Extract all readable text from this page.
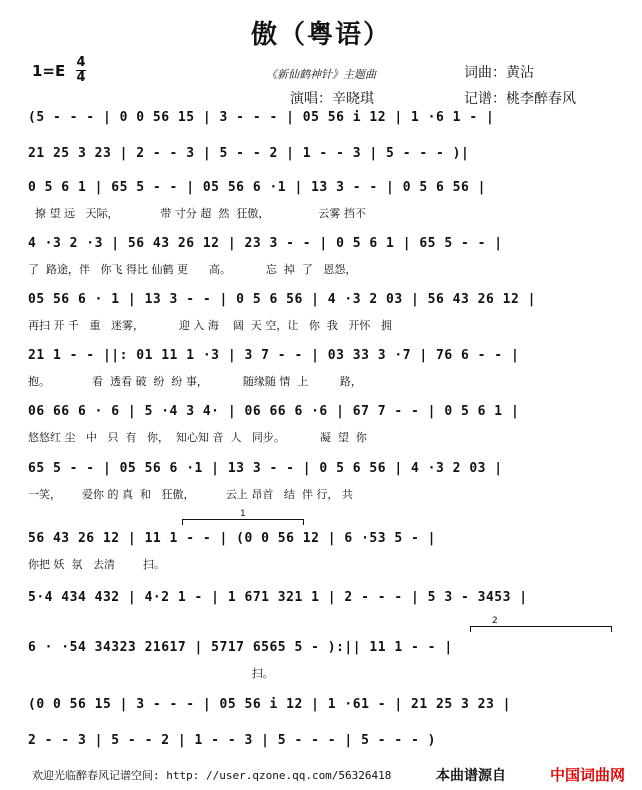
傲（粤语）
1=E 4
4	《新仙鹤神针》主题曲	词曲：黄沾
演唱：辛晓琪	记谱：桃李醉春风
(5 - - - | 0 0 56 15 | 3 - - - | 05 56 i 12 | 1 ·6 1 - |
21 25 3 23 | 2 - - 3 | 5 - - 2 | 1 - - 3 | 5 - - - )|
0 5 6 1 | 65 5 - - | 05 56 6 ·1 | 13 3 - - | 0 5 6 56 |
撩 望 远   天际，            带 寸分 超  然  狂傲，              云雾 挡不
4 ·3 2 ·3 | 56 43 26 12 | 23 3 - - | 0 5 6 1 | 65 5 - - |
了  路途，伴   你飞 得比 仙鹤 更      高。          忘  掉  了   恩怨，
05 56 6 · 1 | 13 3 - - | 0 5 6 56 | 4 ·3 2 03 | 56 43 26 12 |
再扫 开 千   重   迷雾，          迎 入 海    阔  天 空，让   你  我   开怀   拥
21 1 - - ||: 01 11 1 ·3 | 3 7 - - | 03 33 3 ·7 | 76 6 - - |
抱。            看  透看 破  纷  纷 事，          随缘随 情  上         路，
06 66 6 · 6 | 5 ·4 3 4· | 06 66 6 ·6 | 67 7 - - | 0 5 6 1 |
悠悠红 尘   中   只  有   你，  知心知 音  人   同步。          凝  望  你
65 5 - - | 05 56 6 ·1 | 13 3 - - | 0 5 6 56 | 4 ·3 2 03 |
一笑，      爱你 的 真  和   狂傲，         云上 昂首   结  伴 行， 共
56 43 26 12 | 11 1 - - | (0 0 56 12 | 6 ·53 5 - |
你把 妖  氛   去清        扫。
5·4 434 432 | 4·2 1 - | 1 671 321 1 | 2 - - - | 5 3 - 3453 |
6 · ·54 34323 21617 | 5717 6565 5 - ):|| 11 1 - - |
扫。
(0 0 56 15 | 3 - - - | 05 56 i 12 | 1 ·61 - | 21 25 3 23 |
2 - - 3 | 5 - - 2 | 1 - - 3 | 5 - - - | 5 - - - )
1
2
欢迎光临醉春风记谱空间: http: //user.qzone.qq.com/56326418	本曲谱源自	中国词曲网
